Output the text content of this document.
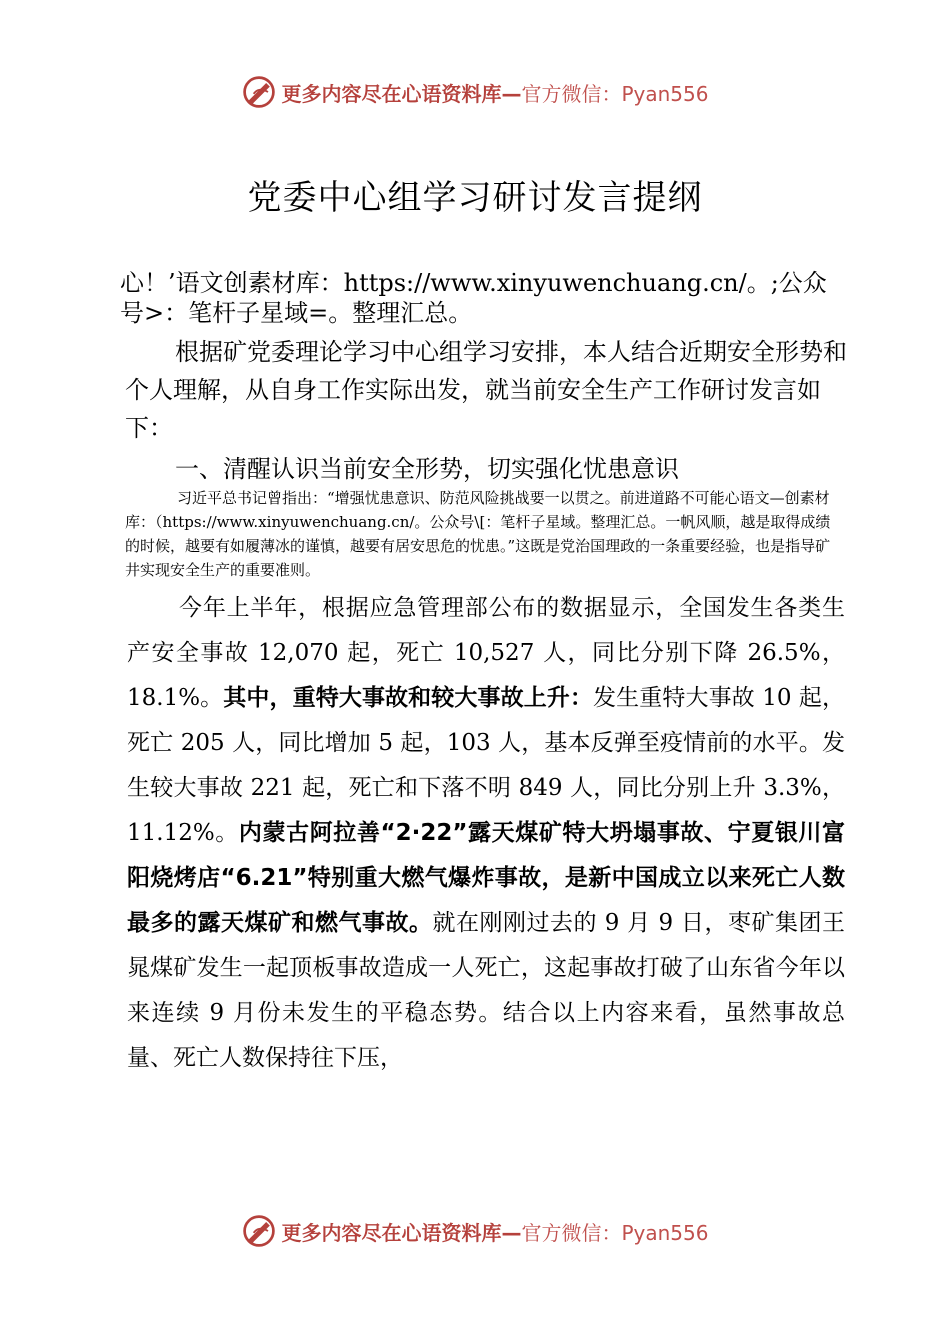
更多内容尽在心语资料库—官方微信：Pyan556
党委中心组学习研讨发言提纲
心！’语文创素材库：https://www.xinyuwenchuang.cn/。;公众号>：笔杆子星域=。整理汇总。
根据矿党委理论学习中心组学习安排，本人结合近期安全形势和个人理解，从自身工作实际出发，就当前安全生产工作研讨发言如下：
一、清醒认识当前安全形势，切实强化忧患意识
习近平总书记曾指出：“增强忧患意识、防范风险挑战要一以贯之。前进道路不可能心语文—创素材库：（https://www.xinyuwenchuang.cn/。公众号\[：笔杆子星域。整理汇总。一帆风顺，越是取得成绩的时候，越要有如履薄冰的谨慎，越要有居安思危的忧患。”这既是党治国理政的一条重要经验，也是指导矿井实现安全生产的重要准则。
今年上半年，根据应急管理部公布的数据显示，全国发生各类生产安全事故 12,070 起，死亡 10,527 人，同比分别下降 26.5%，18.1%。其中，重特大事故和较大事故上升：发生重特大事故 10 起，死亡 205 人，同比增加 5 起，103 人，基本反弹至疫情前的水平。发生较大事故 221 起，死亡和下落不明 849 人，同比分别上升 3.3%，11.12%。内蒙古阿拉善“2·22”露天煤矿特大坍塌事故、宁夏银川富阳烧烤店“6.21”特别重大燃气爆炸事故，是新中国成立以来死亡人数最多的露天煤矿和燃气事故。就在刚刚过去的 9 月 9 日，枣矿集团王晁煤矿发生一起顶板事故造成一人死亡，这起事故打破了山东省今年以来连续 9 月份未发生的平稳态势。结合以上内容来看，虽然事故总量、死亡人数保持往下压，
更多内容尽在心语资料库—官方微信：Pyan556
